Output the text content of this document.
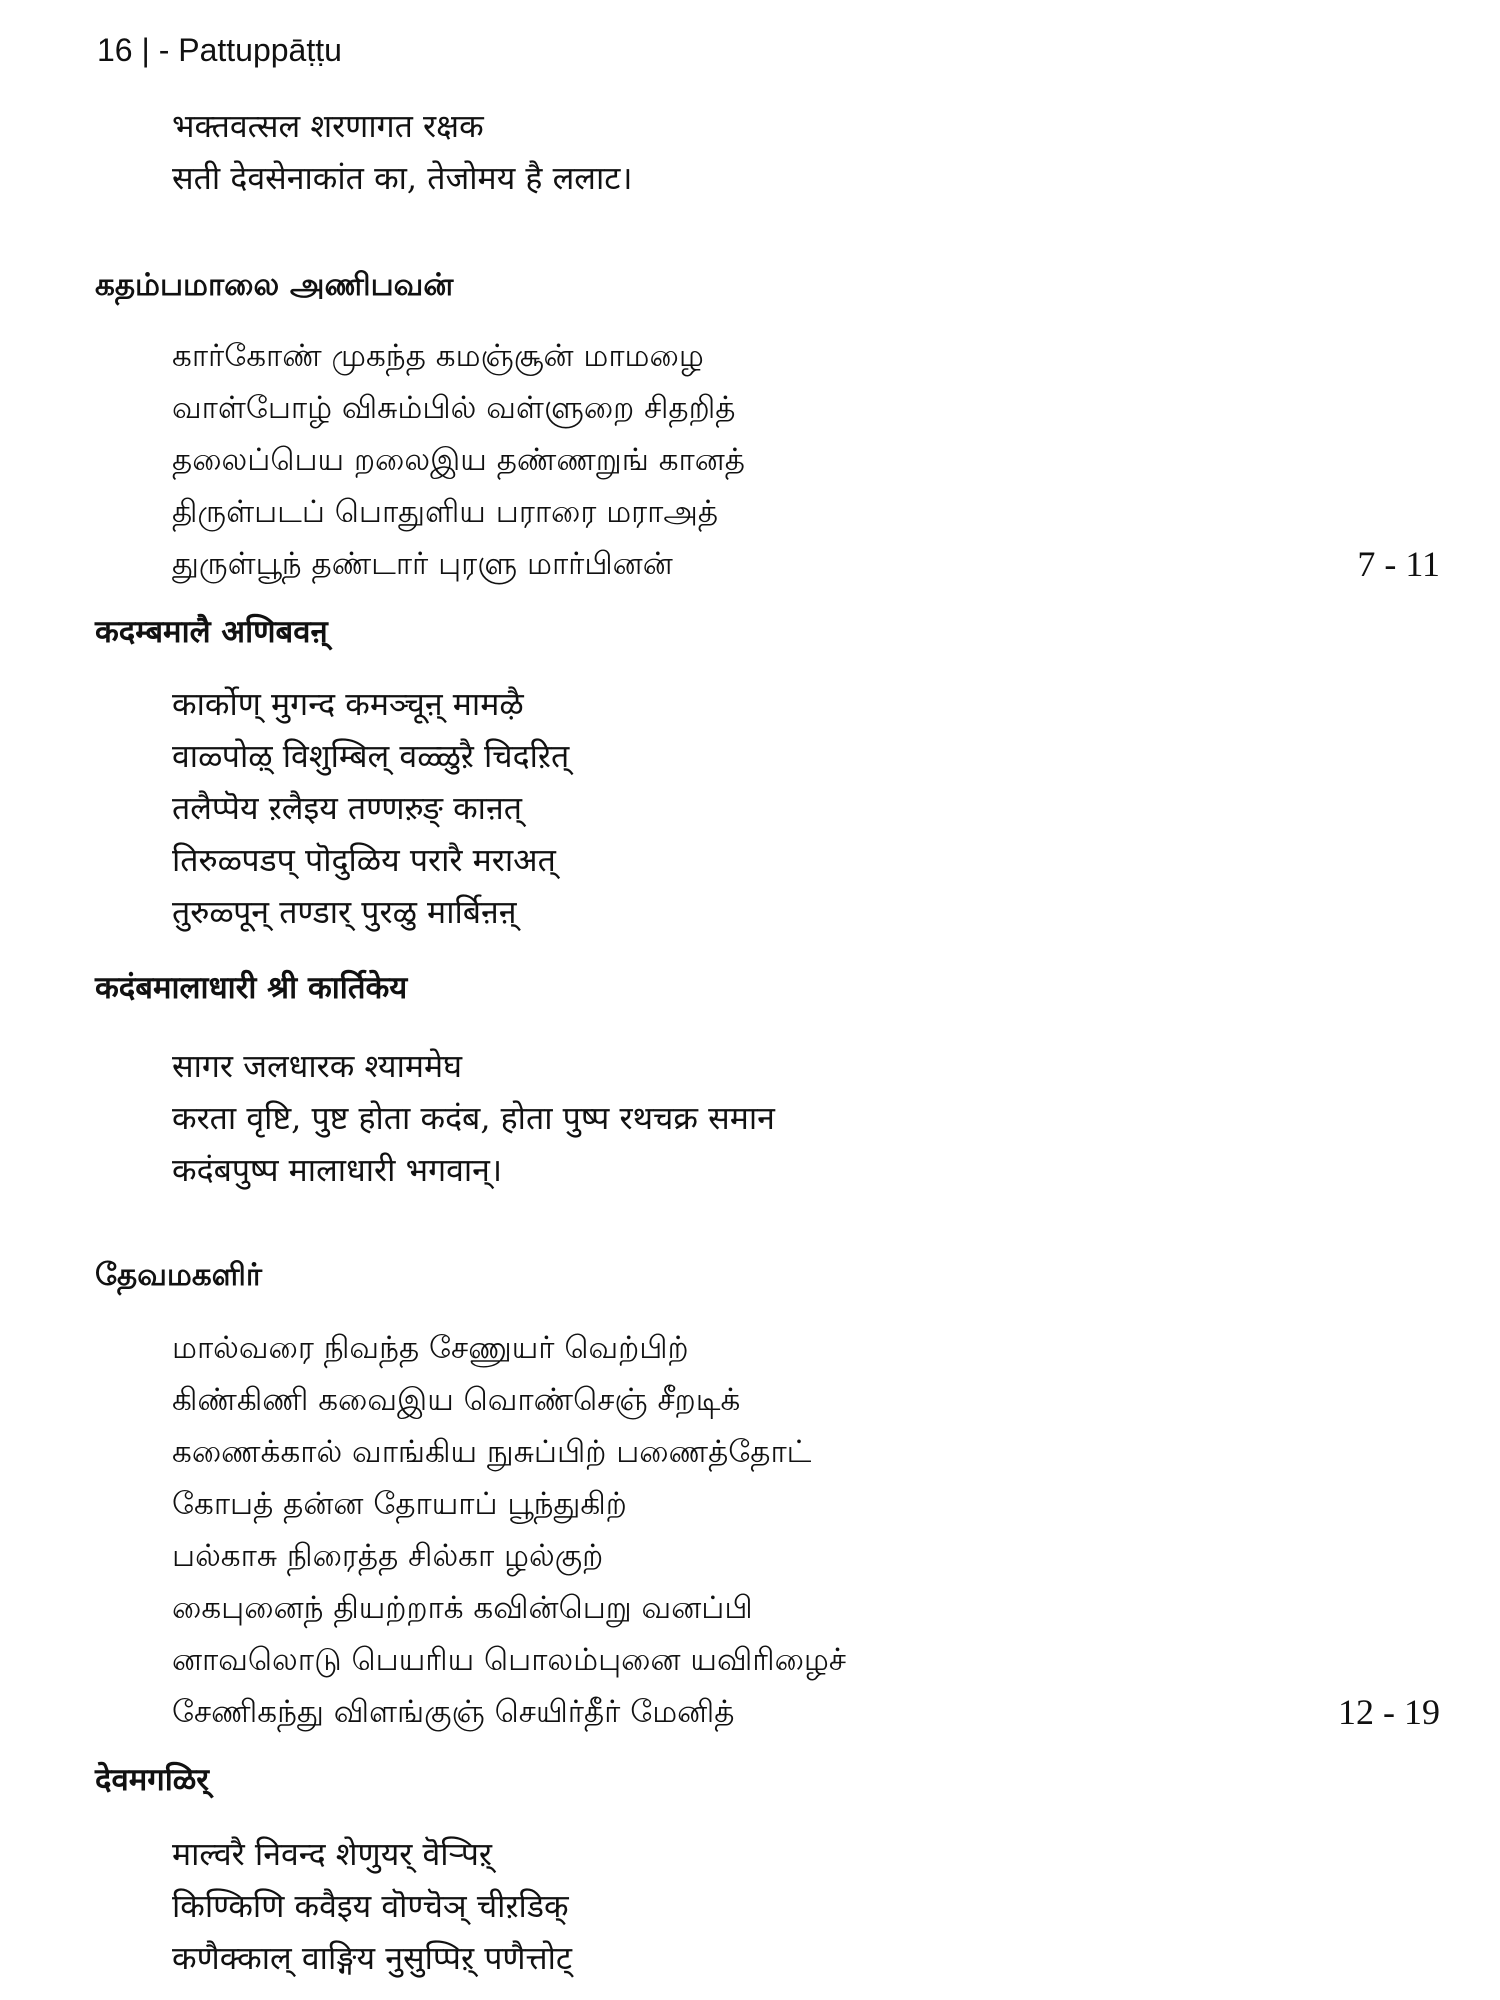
16 | - Pattuppāṭṭu
भक्तवत्सल शरणागत रक्षक
सती देवसेनाकांत का, तेजोमय है ललाट।
கதம்பமாலை அணிபவன்
கார்கோண் முகந்த கமஞ்சூன் மாமழை
வாள்போழ் விசும்பில் வள்ளுறை சிதறித்
தலைப்பெய றலைஇய தண்ணறுங் கானத்
திருள்படப் பொதுளிய பராரை மராஅத்
துருள்பூந் தண்டார் புரளு மார்பினன்	7 - 11
कदम्बमालै अणिबवऩ्
कार्कोण् मुगन्द कमञ्चूऩ् मामऴै
वाळ्पोऴ् विशुम्बिल् वळ्ळुऱै चिदऱित्
तलैप्पॆय ऱलैइय तण्णऱुङ् काऩत्
तिरुळ्पडप् पॊदुळिय परारै मराअत्
तुरुळ्पून् तण्डार् पुरळु मार्बिऩऩ्
कदंबमालाधारी श्री कार्तिकेय
सागर जलधारक श्याममेघ
करता वृष्टि, पुष्ट होता कदंब, होता पुष्प रथचक्र समान
कदंबपुष्प मालाधारी भगवान्।
தேவமகளிர்
மால்வரை நிவந்த சேணுயர் வெற்பிற்
கிண்கிணி கவைஇய வொண்செஞ் சீறடிக்
கணைக்கால் வாங்கிய நுசுப்பிற் பணைத்தோட்
கோபத் தன்ன தோயாப் பூந்துகிற்
பல்காசு நிரைத்த சில்கா ழல்குற்
கைபுனைந் தியற்றாக் கவின்பெறு வனப்பி
னாவலொடு பெயரிய பொலம்புனை யவிரிழைச்
சேணிகந்து விளங்குஞ் செயிர்தீர் மேனித்	12 - 19
देवमगळिर्
माल्वरै निवन्द शेणुयर् वॆऱ्पिऱ्
किण्किणि कवैइय वॊण्चॆञ् चीऱडिक्
कणैक्काल् वाङ्गिय नुसुप्पिऱ् पणैत्तोट्
